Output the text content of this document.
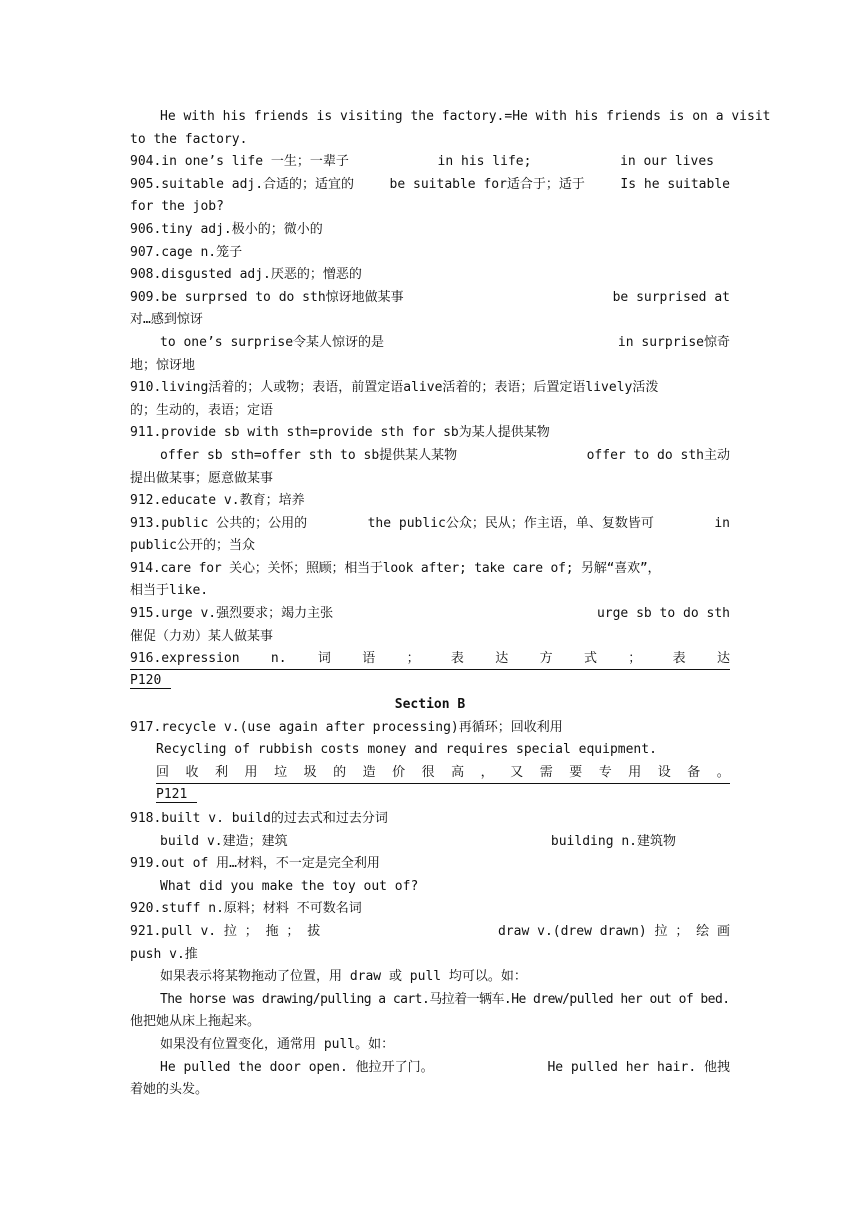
He with his friends is visiting the factory.=He with his friends is on a visit
to the factory.
904.in one’s life 一生；一辈子	in his life;	in our lives
905.suitable adj.合适的；适宜的	be suitable for适合于；适于	Is he suitable
for the job?
906.tiny adj.极小的；微小的
907.cage n.笼子
908.disgusted adj.厌恶的；憎恶的
909.be surprsed to do sth惊讶地做某事	be surprised at
对…感到惊讶
to one’s surprise令某人惊讶的是	in surprise惊奇
地；惊讶地
910.living活着的；人或物；表语，前置定语alive活着的；表语；后置定语lively活泼
的；生动的，表语；定语
911.provide sb with sth=provide sth for sb为某人提供某物
offer sb sth=offer sth to sb提供某人某物	offer to do sth主动
提出做某事；愿意做某事
912.educate v.教育；培养
913.public 公共的；公用的	the public公众；民从；作主语，单、复数皆可	in
public公开的；当众
914.care for 关心；关怀；照顾；相当于look after; take care of; 另解“喜欢”，
相当于like.
915.urge v.强烈要求；竭力主张	urge sb to do sth
催促（力劝）某人做某事
916.expression n. 词 语 ； 表 达 方 式 ； 表 达
P120
Section B
917.recycle v.(use again after processing)再循环；回收利用
Recycling of rubbish costs money and requires special equipment.
回 收 利 用 垃 圾 的 造 价 很 高 ， 又 需 要 专 用 设 备 。
P121
918.built v. build的过去式和过去分词
build v.建造；建筑	building n.建筑物
919.out of 用…材料，不一定是完全利用
What did you make the toy out of?
920.stuff n.原料；材料 不可数名词
921.pull v. 拉 ； 拖 ； 拔	draw v.(drew drawn) 拉 ； 绘 画
push v.推
如果表示将某物拖动了位置，用 draw 或 pull 均可以。如：
The horse was drawing/pulling a cart.马拉着一辆车.He drew/pulled her out of bed.
他把她从床上拖起来。
如果没有位置变化，通常用 pull。如：
He pulled the door open. 他拉开了门。	He pulled her hair. 他拽
着她的头发。
